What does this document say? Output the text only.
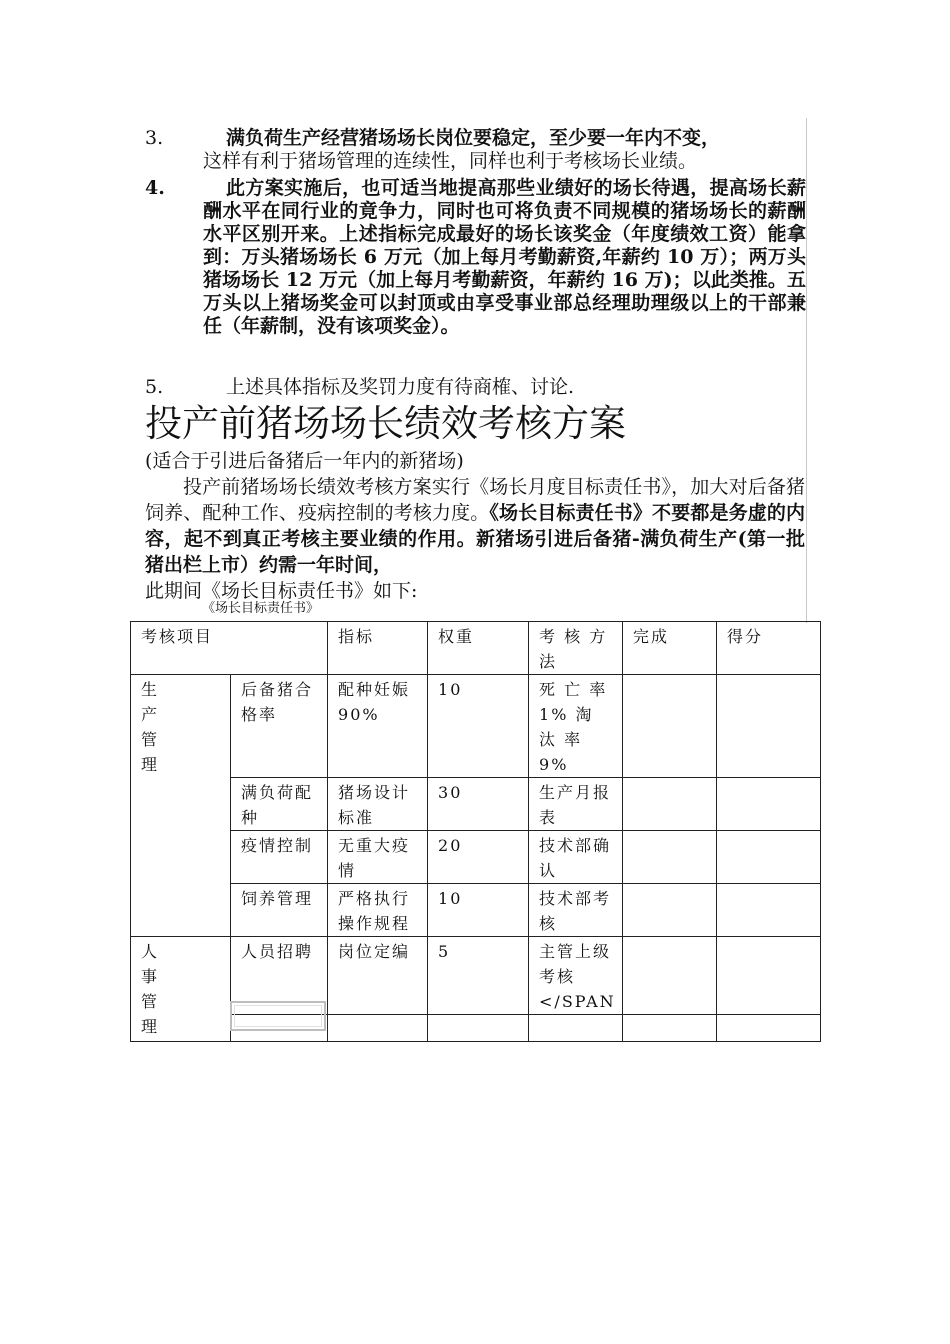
3.	满负荷生产经营猪场场长岗位要稳定，至少要一年内不变，
这样有利于猪场管理的连续性，同样也利于考核场长业绩。
4.	此方案实施后，也可适当地提高那些业绩好的场长待遇，提高场长薪酬水平在同行业的竟争力，同时也可将负责不同规模的猪场场长的薪酬水平区别开来。上述指标完成最好的场长该奖金（年度绩效工资）能拿到：万头猪场场长 6 万元（加上每月考勤薪资,年薪约 10 万）；两万头猪场场长 12 万元（加上每月考勤薪资，年薪约 16 万)；以此类推。五万头以上猪场奖金可以封顶或由享受事业部总经理助理级以上的干部兼任（年薪制，没有该项奖金）。
5.	上述具体指标及奖罚力度有待商榷、讨论.
投产前猪场场长绩效考核方案
(适合于引进后备猪后一年内的新猪场)

投产前猪场场长绩效考核方案实行《场长月度目标责任书》，加大对后备猪饲养、配种工作、疫病控制的考核力度。《场长目标责任书》不要都是务虚的内容，起不到真正考核主要业绩的作用。新猪场引进后备猪-满负荷生产(第一批猪出栏上市）约需一年时间，

此期间《场长目标责任书》如下:

《场长目标责任书》
考核项目		指标	权重	考 核 方法	完成	得分

生产管理	后备猪合格率	配种妊娠 90%	10	死 亡 率 1% 淘 汰 率 9%		
	满负荷配种	猪场设计标准	30	生产月报表		
	疫情控制	无重大疫情	20	技术部确认		
	饲养管理	严格执行操作规程	10	技术部考核		

人事管理	人员招聘	岗位定编	5	主管上级考核</SPAN		
